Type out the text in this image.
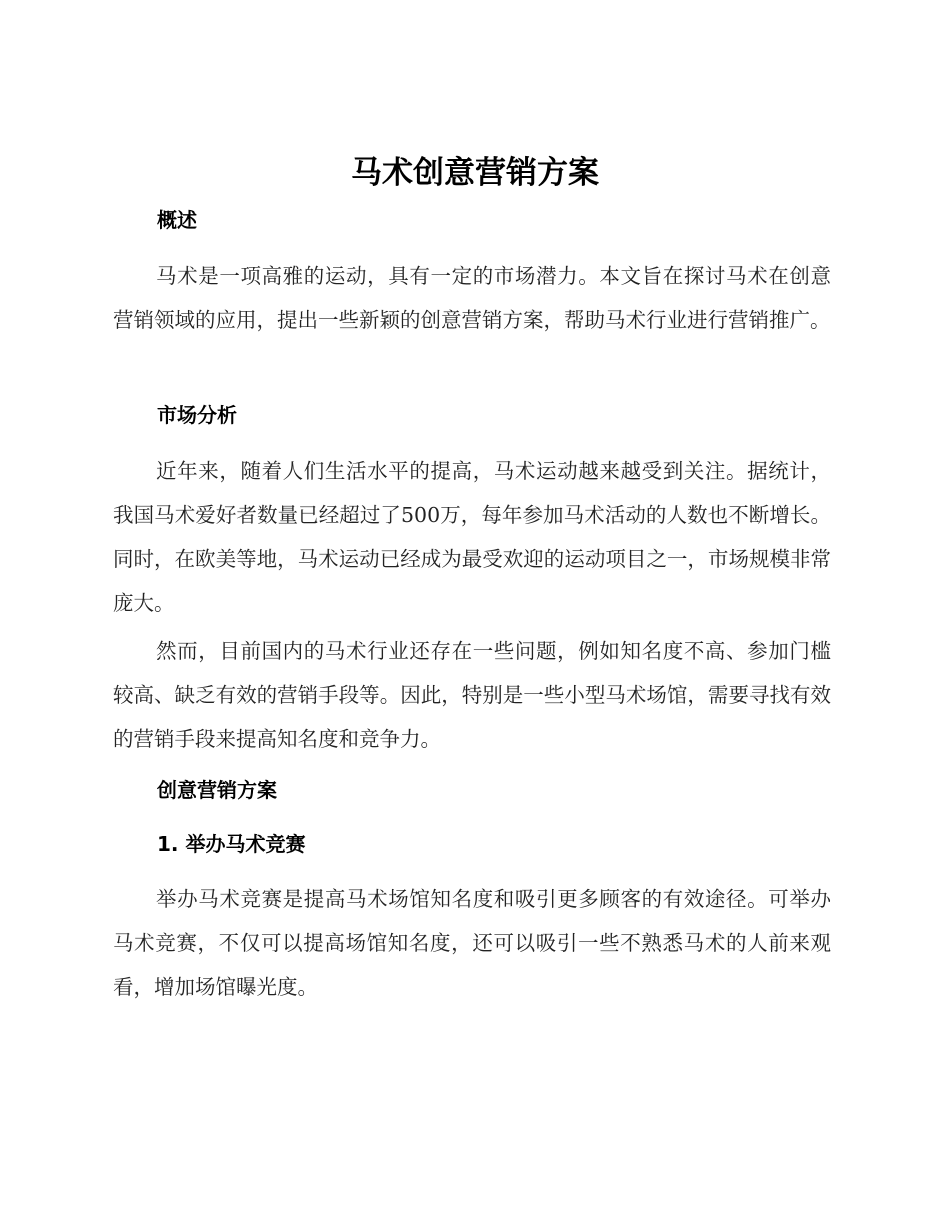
马术创意营销方案
概述

马术是一项高雅的运动，具有一定的市场潜力。本文旨在探讨马术在创意营销领域的应用，提出一些新颖的创意营销方案，帮助马术行业进行营销推广。

市场分析

近年来，随着人们生活水平的提高，马术运动越来越受到关注。据统计，我国马术爱好者数量已经超过了500万，每年参加马术活动的人数也不断增长。同时，在欧美等地，马术运动已经成为最受欢迎的运动项目之一，市场规模非常庞大。

然而，目前国内的马术行业还存在一些问题，例如知名度不高、参加门槛较高、缺乏有效的营销手段等。因此，特别是一些小型马术场馆，需要寻找有效的营销手段来提高知名度和竞争力。

创意营销方案
1. 举办马术竞赛

举办马术竞赛是提高马术场馆知名度和吸引更多顾客的有效途径。可举办马术竞赛，不仅可以提高场馆知名度，还可以吸引一些不熟悉马术的人前来观看，增加场馆曝光度。
